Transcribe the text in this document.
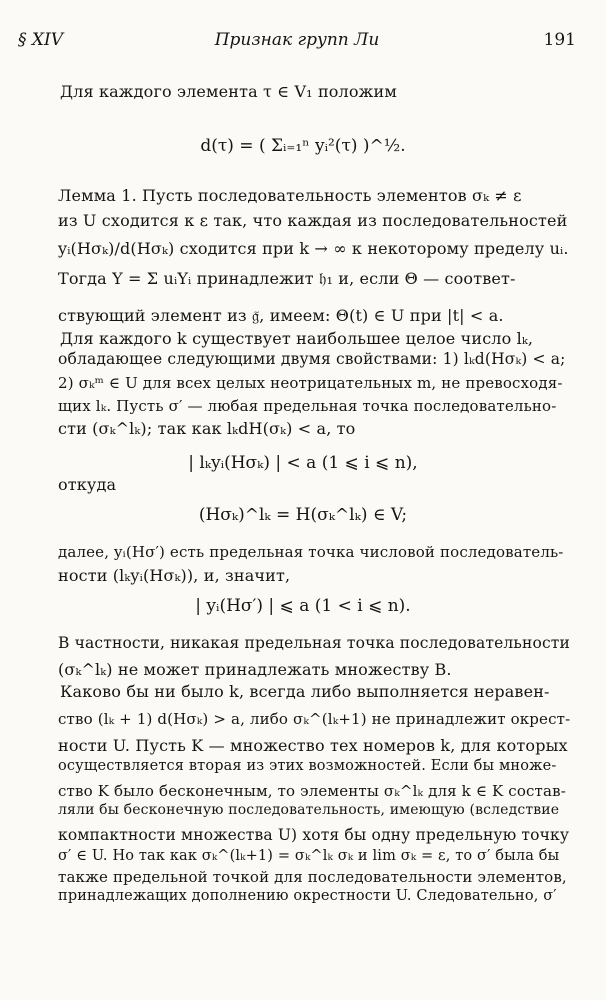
§ XIV	Признак групп Ли	191
Для каждого элемента τ ∈ V₁ положим
d(τ) = ( Σᵢ₌₁ⁿ yᵢ²(τ) )^½.
Лемма 1. Пусть последовательность элементов σₖ ≠ ε
из U сходится к ε так, что каждая из последовательностей
yᵢ(Hσₖ)/d(Hσₖ) сходится при k → ∞ к некоторому пределу uᵢ.
Тогда Y = Σ uᵢYᵢ принадлежит 𝔥₁ и, если Θ — соответ-
ствующий элемент из 𝔤̃, имеем: Θ(t) ∈ U при |t| < a.
Для каждого k существует наибольшее целое число lₖ,
обладающее следующими двумя свойствами: 1) lₖd(Hσₖ) < a;
2) σₖᵐ ∈ U для всех целых неотрицательных m, не превосходя-
щих lₖ. Пусть σ′ — любая предельная точка последовательно-
сти (σₖ^lₖ); так как lₖdH(σₖ) < a, то
| lₖyᵢ(Hσₖ) | < a (1 ⩽ i ⩽ n),
откуда
(Hσₖ)^lₖ = H(σₖ^lₖ) ∈ V;
далее, yᵢ(Hσ′) есть предельная точка числовой последователь-
ности (lₖyᵢ(Hσₖ)), и, значит,
| yᵢ(Hσ′) | ⩽ a (1 < i ⩽ n).
В частности, никакая предельная точка последовательности
(σₖ^lₖ) не может принадлежать множеству B.
Каково бы ни было k, всегда либо выполняется неравен-
ство (lₖ + 1) d(Hσₖ) > a, либо σₖ^(lₖ+1) не принадлежит окрест-
ности U. Пусть K — множество тех номеров k, для которых
осуществляется вторая из этих возможностей. Если бы множе-
ство K было бесконечным, то элементы σₖ^lₖ для k ∈ K состав-
ляли бы бесконечную последовательность, имеющую (вследствие
компактности множества U) хотя бы одну предельную точку
σ′ ∈ U. Но так как σₖ^(lₖ+1) = σₖ^lₖ σₖ и lim σₖ = ε, то σ′ была бы
также предельной точкой для последовательности элементов,
принадлежащих дополнению окрестности U. Следовательно, σ′
